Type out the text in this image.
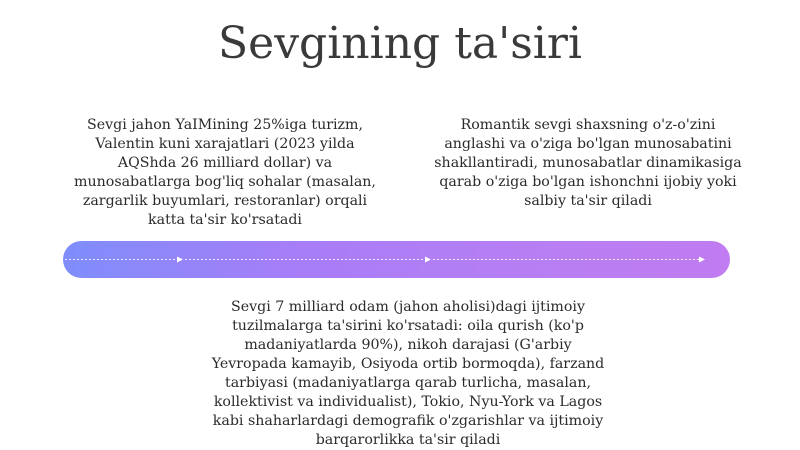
Sevgining ta'siri
Sevgi jahon YaIMining 25%iga turizm, Valentin kuni xarajatlari (2023 yilda AQShda 26 milliard dollar) va munosabatlarga bog'liq sohalar (masalan, zargarlik buyumlari, restoranlar) orqali katta ta'sir ko'rsatadi
Romantik sevgi shaxsning o'z-o'zini anglashi va o'ziga bo'lgan munosabatini shakllantiradi, munosabatlar dinamikasiga qarab o'ziga bo'lgan ishonchni ijobiy yoki salbiy ta'sir qiladi
Sevgi 7 milliard odam (jahon aholisi)dagi ijtimoiy tuzilmalarga ta'sirini ko'rsatadi: oila qurish (ko'p madaniyatlarda 90%), nikoh darajasi (G'arbiy Yevropada kamayib, Osiyoda ortib bormoqda), farzand tarbiyasi (madaniyatlarga qarab turlicha, masalan, kollektivist va individualist), Tokio, Nyu-York va Lagos kabi shaharlardagi demografik o'zgarishlar va ijtimoiy barqarorlikka ta'sir qiladi
